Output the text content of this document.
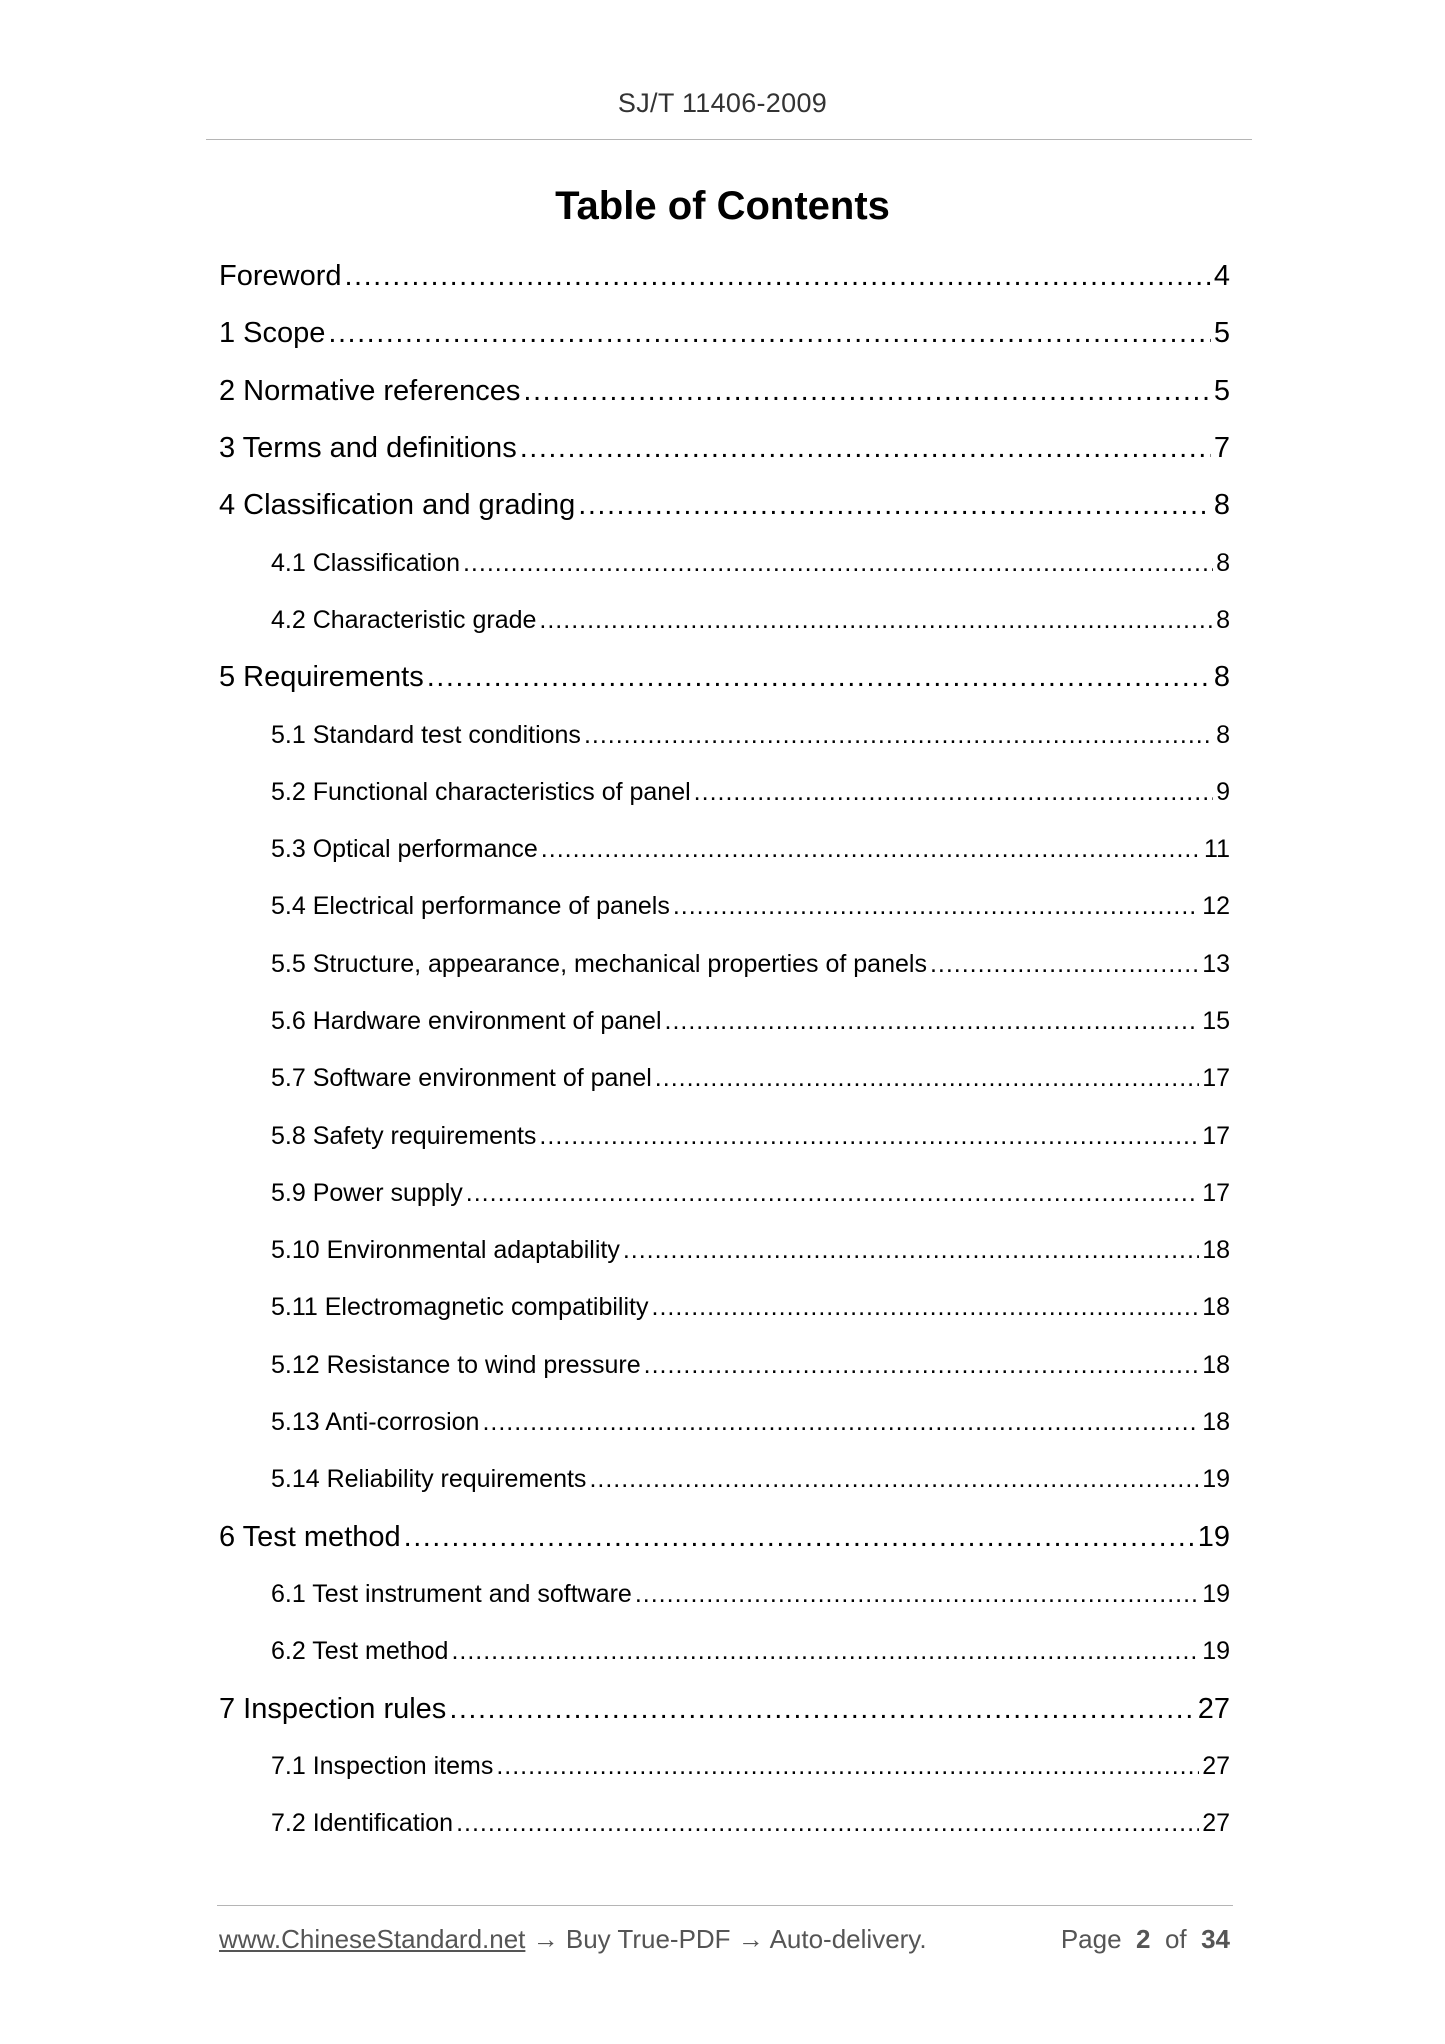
SJ/T 11406-2009
Table of Contents
Foreword .....	4
1 Scope .....	5
2 Normative references .....	5
3 Terms and definitions .....	7
4 Classification and grading .....	8
4.1 Classification .....	8
4.2 Characteristic grade .....	8
5 Requirements .....	8
5.1 Standard test conditions .....	8
5.2 Functional characteristics of panel .....	9
5.3 Optical performance .....	11
5.4 Electrical performance of panels .....	12
5.5 Structure, appearance, mechanical properties of panels .....	13
5.6 Hardware environment of panel .....	15
5.7 Software environment of panel .....	17
5.8 Safety requirements .....	17
5.9 Power supply .....	17
5.10 Environmental adaptability .....	18
5.11 Electromagnetic compatibility .....	18
5.12 Resistance to wind pressure .....	18
5.13 Anti-corrosion .....	18
5.14 Reliability requirements .....	19
6 Test method .....	19
6.1 Test instrument and software .....	19
6.2 Test method .....	19
7 Inspection rules .....	27
7.1 Inspection items .....	27
7.2 Identification .....	27
www.ChineseStandard.net → Buy True-PDF → Auto-delivery.	Page 2 of 34
